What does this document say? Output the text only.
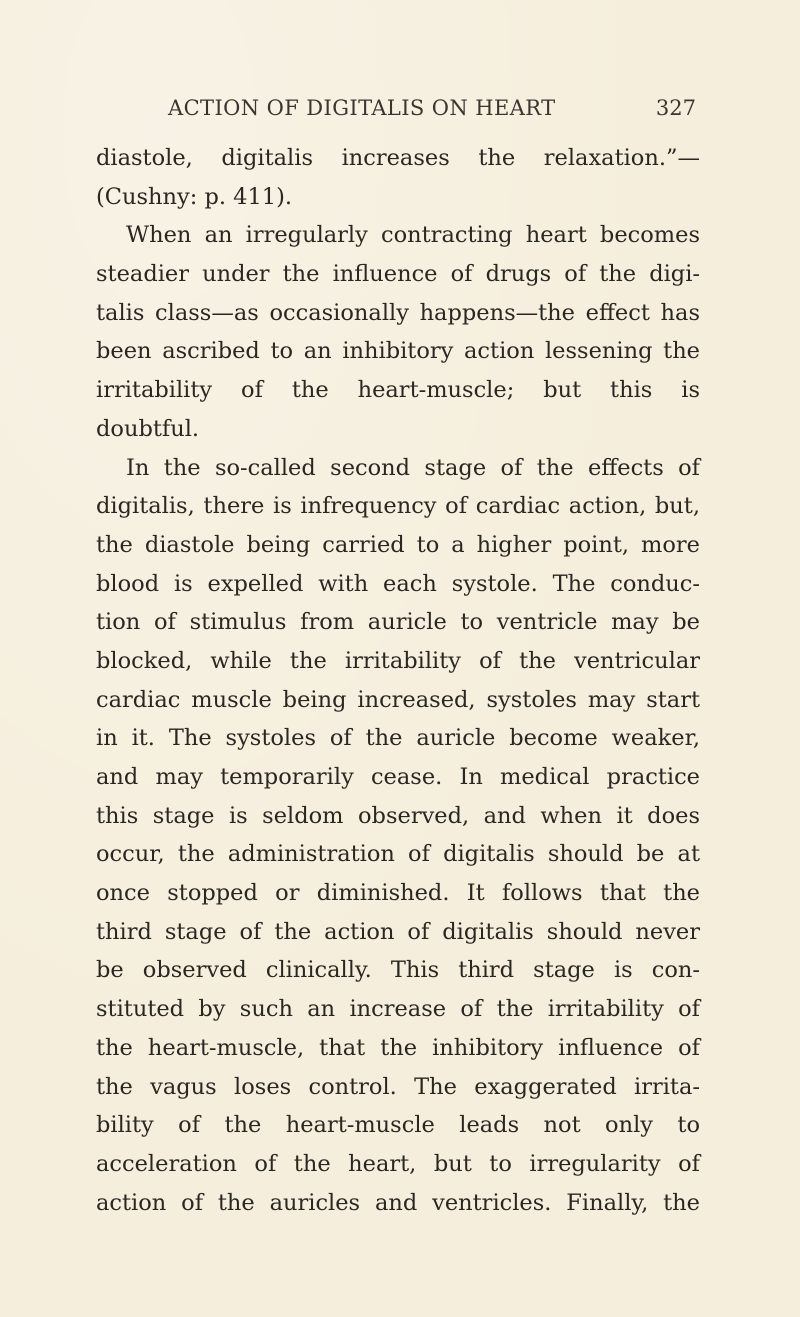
ACTION OF DIGITALIS ON HEART	327
diastole, digitalis increases the relaxation.”—
(Cushny: p. 411).
When an irregularly contracting heart becomes
steadier under the influence of drugs of the digi-
talis class—as occasionally happens—the effect has
been ascribed to an inhibitory action lessening the
irritability of the heart-muscle; but this is
doubtful.
In the so-called second stage of the effects of
digitalis, there is infrequency of cardiac action, but,
the diastole being carried to a higher point, more
blood is expelled with each systole. The conduc-
tion of stimulus from auricle to ventricle may be
blocked, while the irritability of the ventricular
cardiac muscle being increased, systoles may start
in it. The systoles of the auricle become weaker,
and may temporarily cease. In medical practice
this stage is seldom observed, and when it does
occur, the administration of digitalis should be at
once stopped or diminished. It follows that the
third stage of the action of digitalis should never
be observed clinically. This third stage is con-
stituted by such an increase of the irritability of
the heart-muscle, that the inhibitory influence of
the vagus loses control. The exaggerated irrita-
bility of the heart-muscle leads not only to
acceleration of the heart, but to irregularity of
action of the auricles and ventricles. Finally, the
